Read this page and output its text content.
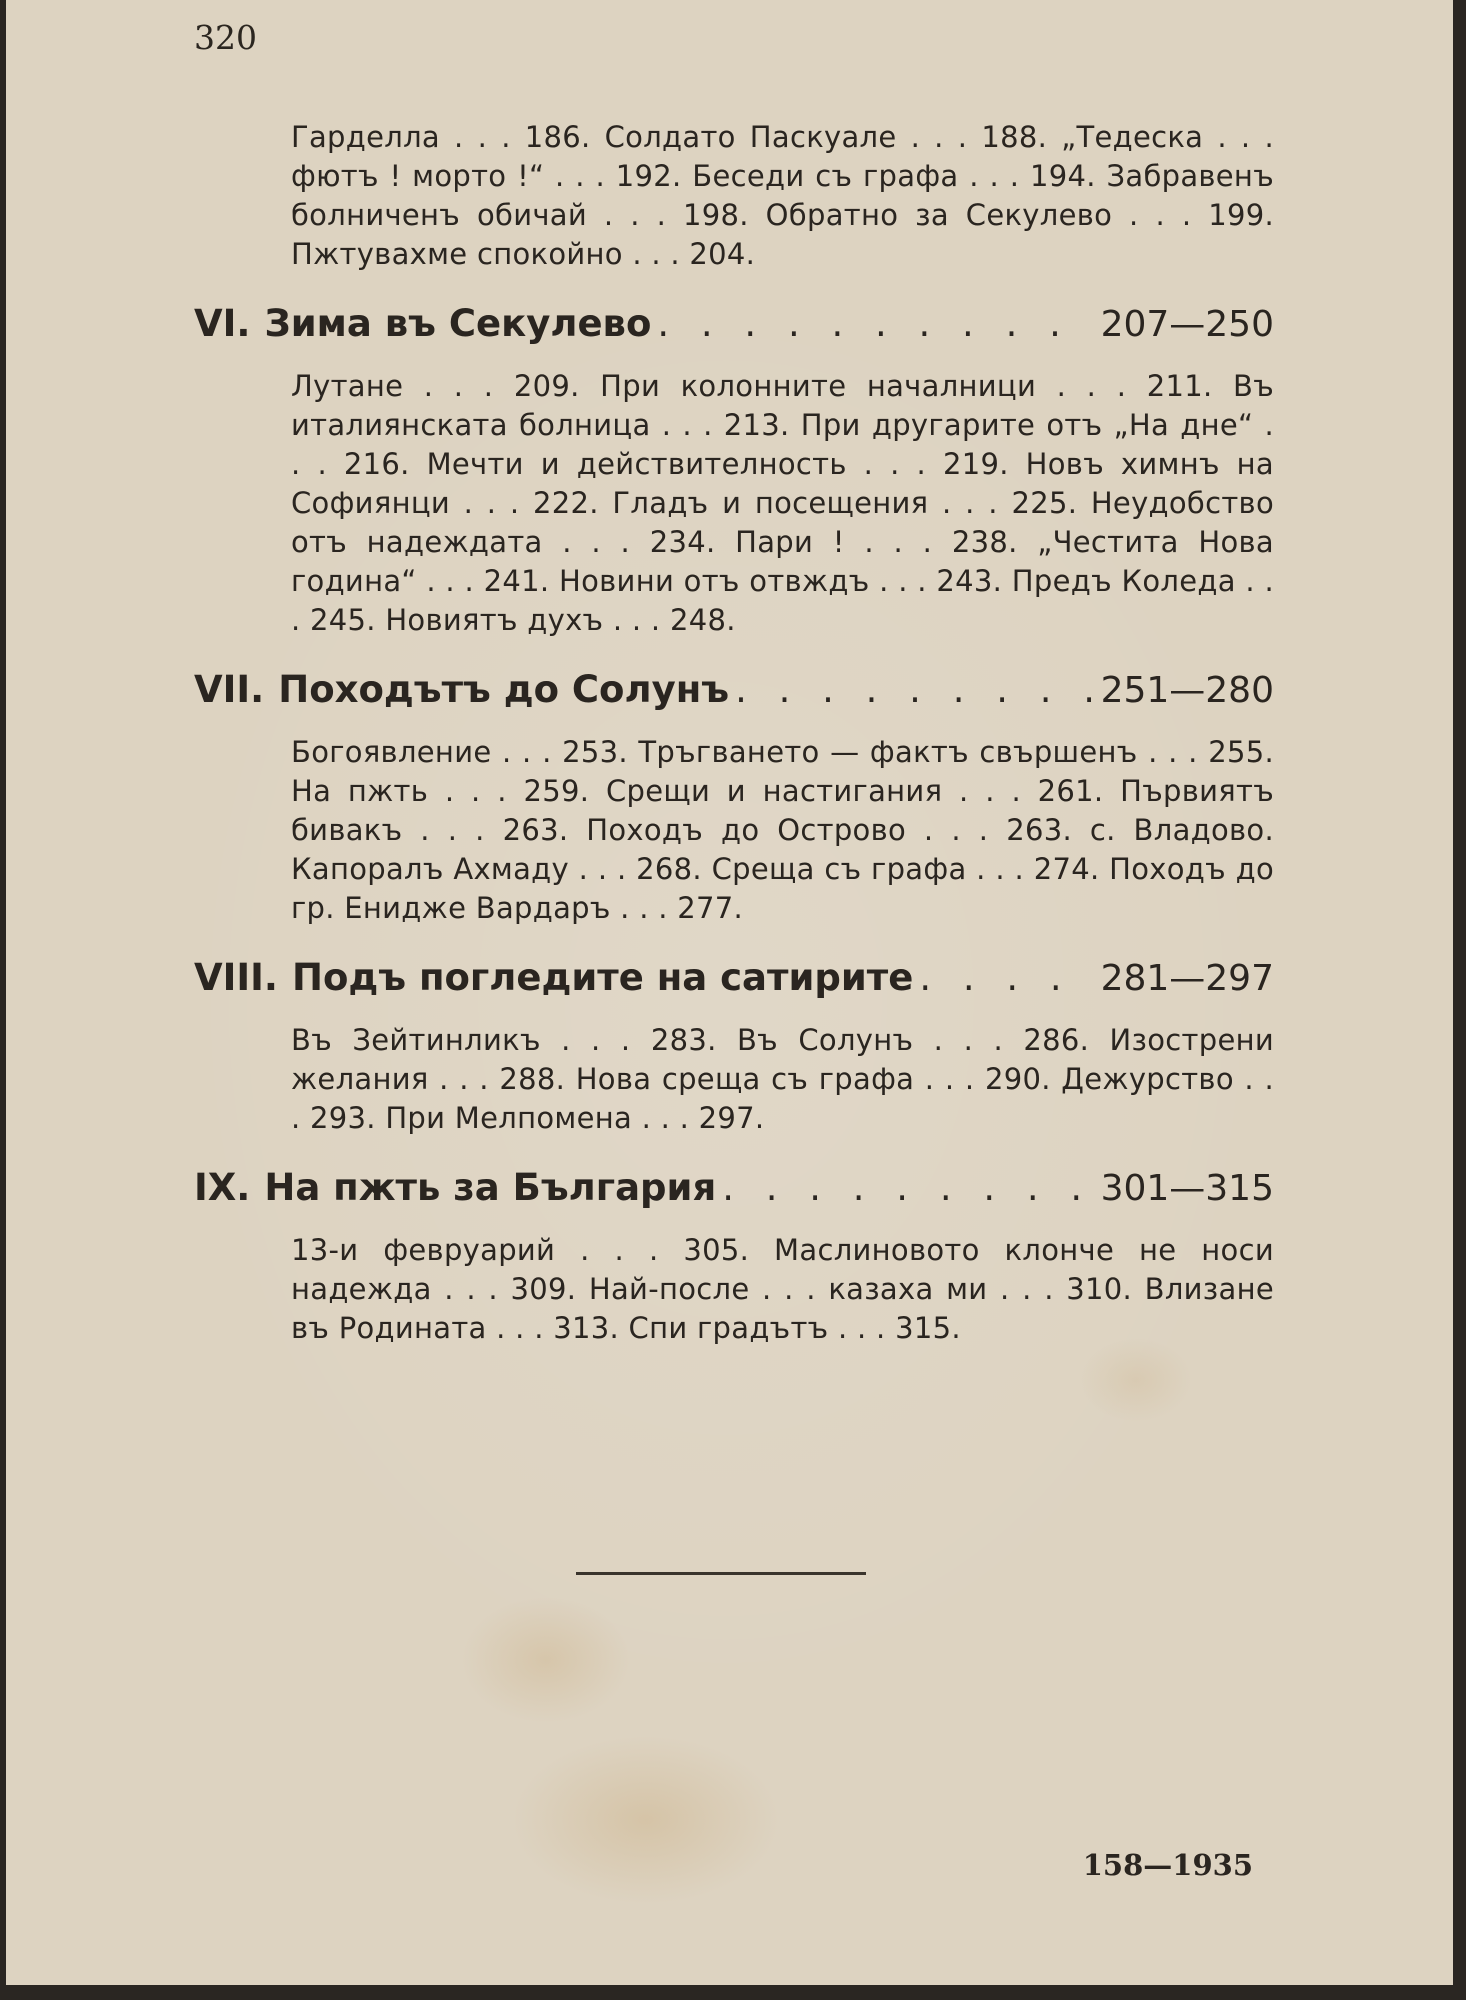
320

Гарделла . . . 186. Солдато Паскуале . . . 188. „Тедеска . . . фютъ ! морто !“ . . . 192. Беседи съ графа . . . 194. Забравенъ болниченъ обичай . . . 198. Обратно за Секулево . . . 199. Пжтувахме спокойно . . . 204.

VI. Зима въ Секулево . . .	207—250

Лутане . . . 209. При колонните началници . . . 211. Въ италиянската болница . . . 213. При другарите отъ „На дне“ . . . 216. Мечти и действителность . . . 219. Новъ химнъ на Софиянци . . . 222. Гладъ и посещения . . . 225. Неудобство отъ надеждата . . . 234. Пари ! . . . 238. „Честита Нова година“ . . . 241. Новини отъ отвждъ . . . 243. Предъ Коледа . . . 245. Новиятъ духъ . . . 248.

VII. Походътъ до Солунъ . . .	251—280

Богоявление . . . 253. Тръгването — фактъ свършенъ . . . 255. На пжть . . . 259. Срещи и настигания . . . 261. Първиятъ бивакъ . . . 263. Походъ до Острово . . . 263. с. Владово. Капоралъ Ахмаду . . . 268. Среща съ графа . . . 274. Походъ до гр. Енидже Вардаръ . . . 277.

VIII. Подъ погледите на сатирите . . .	281—297

Въ Зейтинликъ . . . 283. Въ Солунъ . . . 286. Изострени желания . . . 288. Нова среща съ графа . . . 290. Дежурство . . . 293. При Мелпомена . . . 297.

IX. На пжть за България . . .	301—315

13-и февруарий . . . 305. Маслиновото клонче не носи надежда . . . 309. Най-после . . . казаха ми . . . 310. Влизане въ Родината . . . 313. Спи градътъ . . . 315.

158—1935
